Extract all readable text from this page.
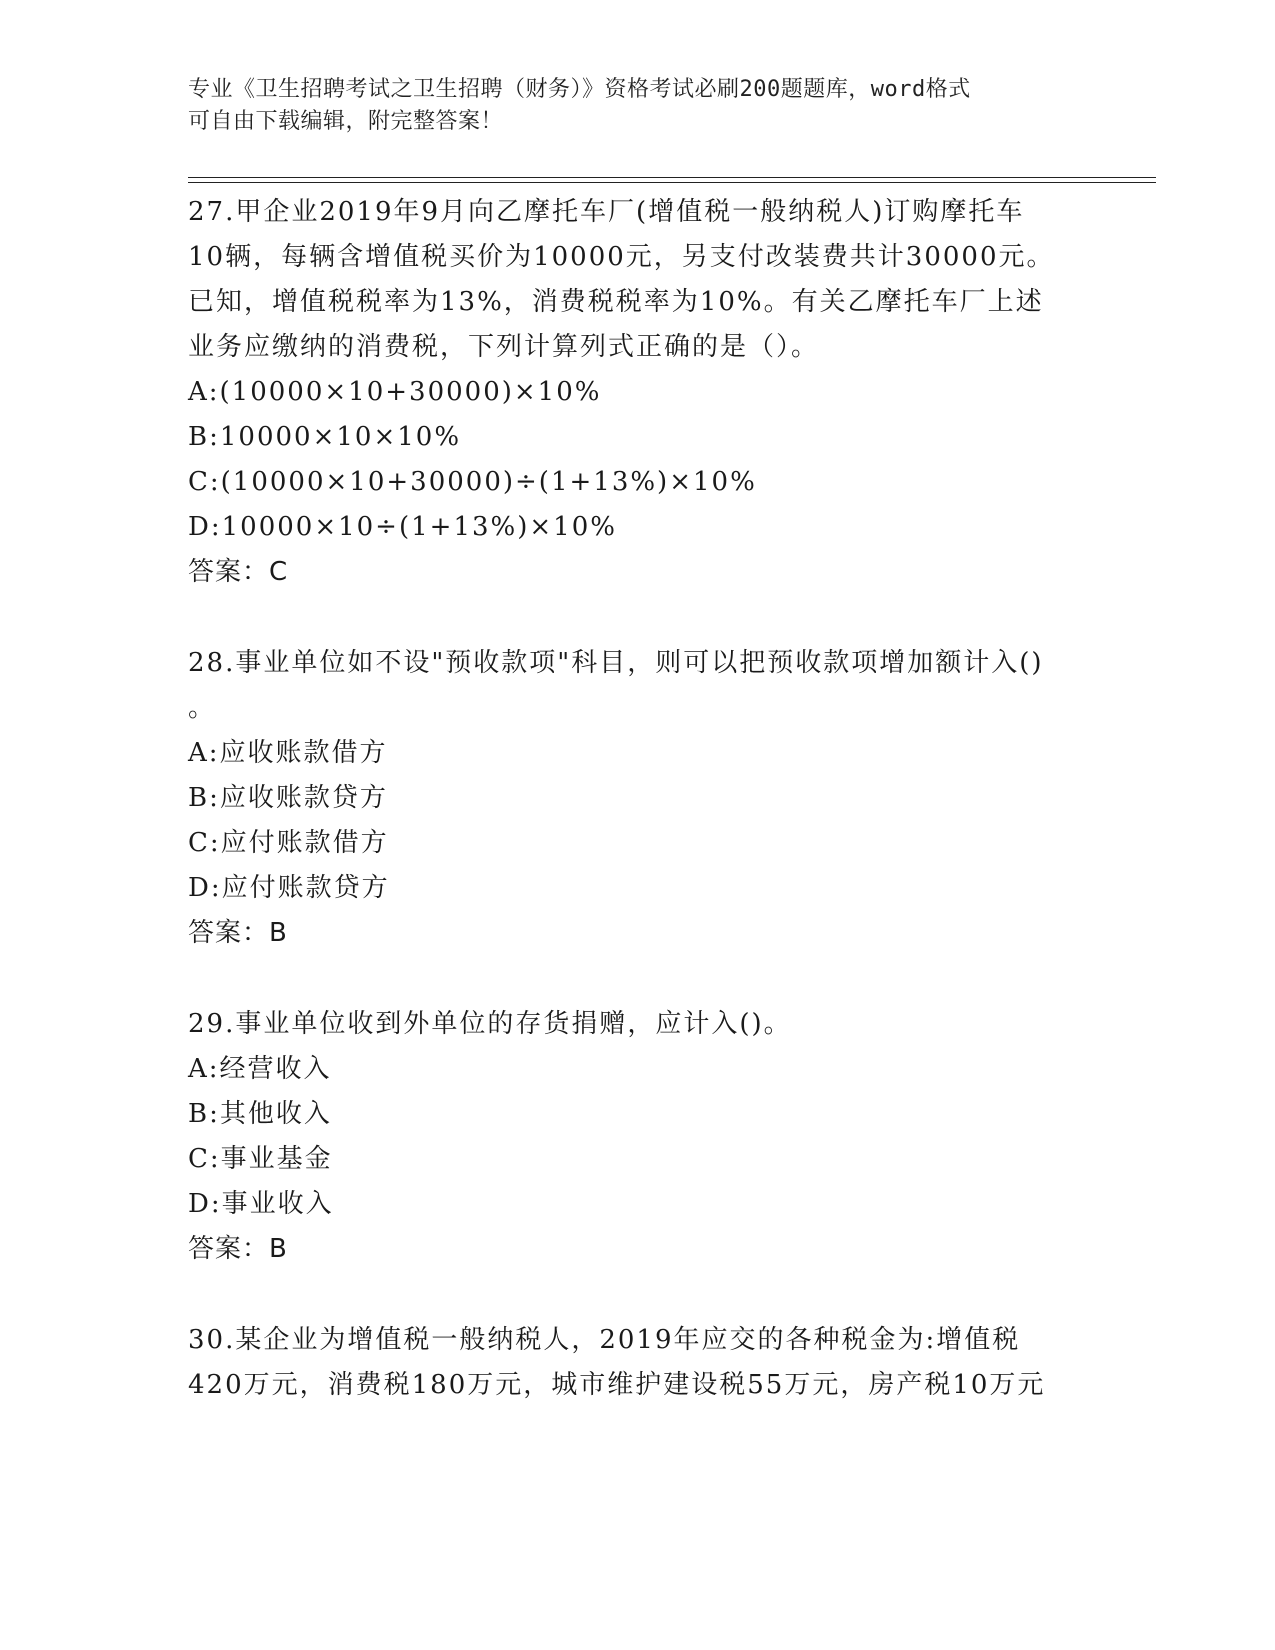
专业《卫生招聘考试之卫生招聘（财务）》资格考试必刷200题题库，word格式
可自由下载编辑，附完整答案！
27.甲企业2019年9月向乙摩托车厂(增值税一般纳税人)订购摩托车
10辆，每辆含增值税买价为10000元，另支付改装费共计30000元。
已知，增值税税率为13%，消费税税率为10%。有关乙摩托车厂上述
业务应缴纳的消费税，下列计算列式正确的是（）。
A:(10000×10+30000)×10%
B:10000×10×10%
C:(10000×10+30000)÷(1+13%)×10%
D:10000×10÷(1+13%)×10%
答案：C
28.事业单位如不设"预收款项"科目，则可以把预收款项增加额计入()
。
A:应收账款借方
B:应收账款贷方
C:应付账款借方
D:应付账款贷方
答案：B
29.事业单位收到外单位的存货捐赠，应计入()。
A:经营收入
B:其他收入
C:事业基金
D:事业收入
答案：B
30.某企业为增值税一般纳税人，2019年应交的各种税金为:增值税
420万元，消费税180万元，城市维护建设税55万元，房产税10万元
